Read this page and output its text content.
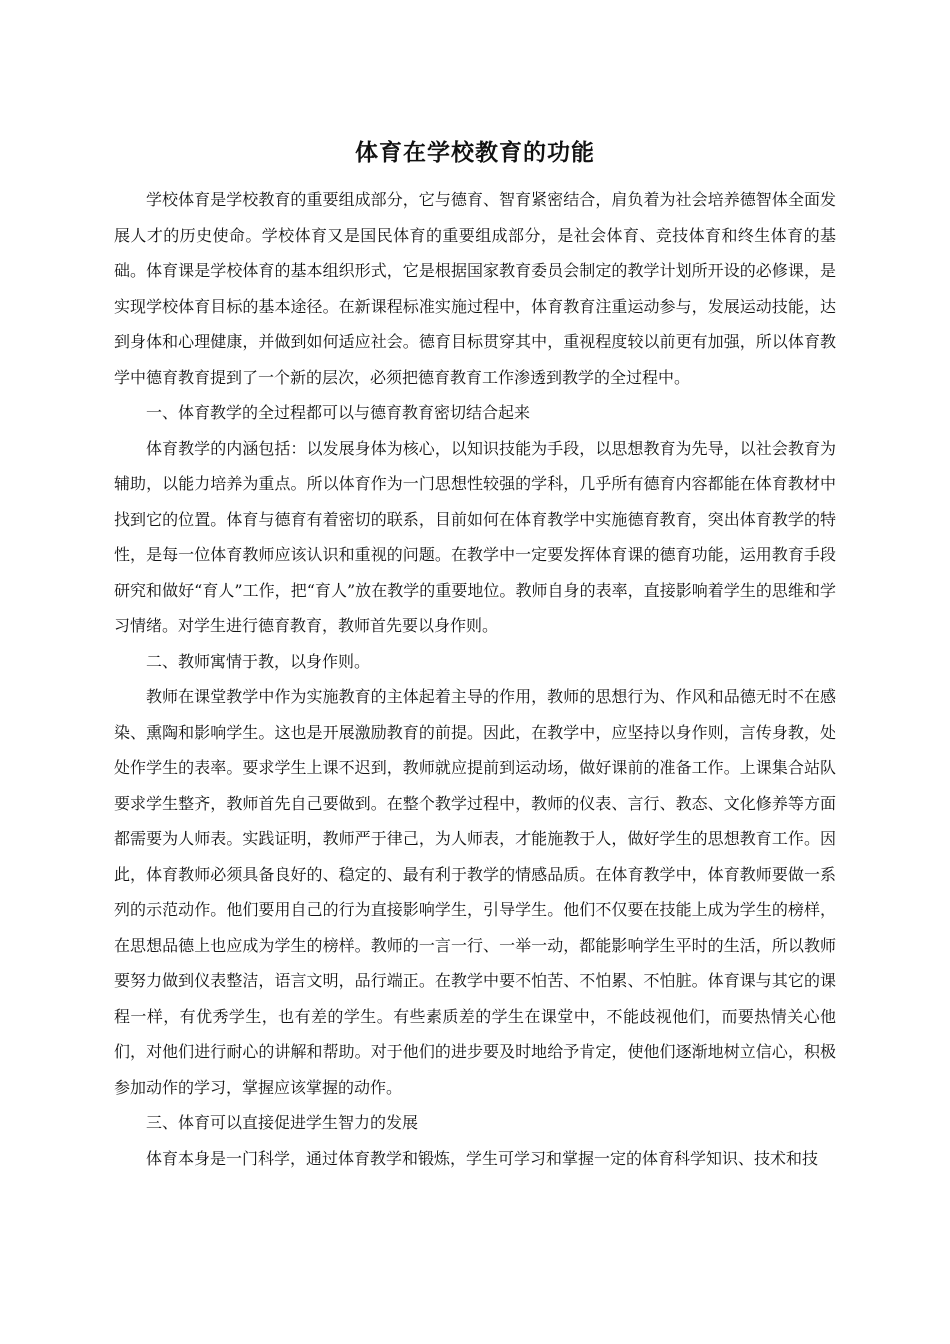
体育在学校教育的功能

学校体育是学校教育的重要组成部分，它与德育、智育紧密结合，肩负着为社会培养德智体全面发展人才的历史使命。学校体育又是国民体育的重要组成部分，是社会体育、竞技体育和终生体育的基础。体育课是学校体育的基本组织形式，它是根据国家教育委员会制定的教学计划所开设的必修课，是实现学校体育目标的基本途径。在新课程标准实施过程中，体育教育注重运动参与，发展运动技能，达到身体和心理健康，并做到如何适应社会。德育目标贯穿其中，重视程度较以前更有加强，所以体育教学中德育教育提到了一个新的层次，必须把德育教育工作渗透到教学的全过程中。

一、体育教学的全过程都可以与德育教育密切结合起来

体育教学的内涵包括：以发展身体为核心，以知识技能为手段，以思想教育为先导，以社会教育为辅助，以能力培养为重点。所以体育作为一门思想性较强的学科，几乎所有德育内容都能在体育教材中找到它的位置。体育与德育有着密切的联系，目前如何在体育教学中实施德育教育，突出体育教学的特性，是每一位体育教师应该认识和重视的问题。在教学中一定要发挥体育课的德育功能，运用教育手段研究和做好“育人”工作，把“育人”放在教学的重要地位。教师自身的表率，直接影响着学生的思维和学习情绪。对学生进行德育教育，教师首先要以身作则。

二、教师寓情于教，以身作则。

教师在课堂教学中作为实施教育的主体起着主导的作用，教师的思想行为、作风和品德无时不在感染、熏陶和影响学生。这也是开展激励教育的前提。因此，在教学中，应坚持以身作则，言传身教，处处作学生的表率。要求学生上课不迟到，教师就应提前到运动场，做好课前的准备工作。上课集合站队要求学生整齐，教师首先自己要做到。在整个教学过程中，教师的仪表、言行、教态、文化修养等方面都需要为人师表。实践证明，教师严于律己，为人师表，才能施教于人，做好学生的思想教育工作。因此，体育教师必须具备良好的、稳定的、最有利于教学的情感品质。在体育教学中，体育教师要做一系列的示范动作。他们要用自己的行为直接影响学生，引导学生。他们不仅要在技能上成为学生的榜样，在思想品德上也应成为学生的榜样。教师的一言一行、一举一动，都能影响学生平时的生活，所以教师要努力做到仪表整洁，语言文明，品行端正。在教学中要不怕苦、不怕累、不怕脏。体育课与其它的课程一样，有优秀学生，也有差的学生。有些素质差的学生在课堂中，不能歧视他们，而要热情关心他们，对他们进行耐心的讲解和帮助。对于他们的进步要及时地给予肯定，使他们逐渐地树立信心，积极参加动作的学习，掌握应该掌握的动作。

三、体育可以直接促进学生智力的发展

体育本身是一门科学，通过体育教学和锻炼，学生可学习和掌握一定的体育科学知识、技术和技
